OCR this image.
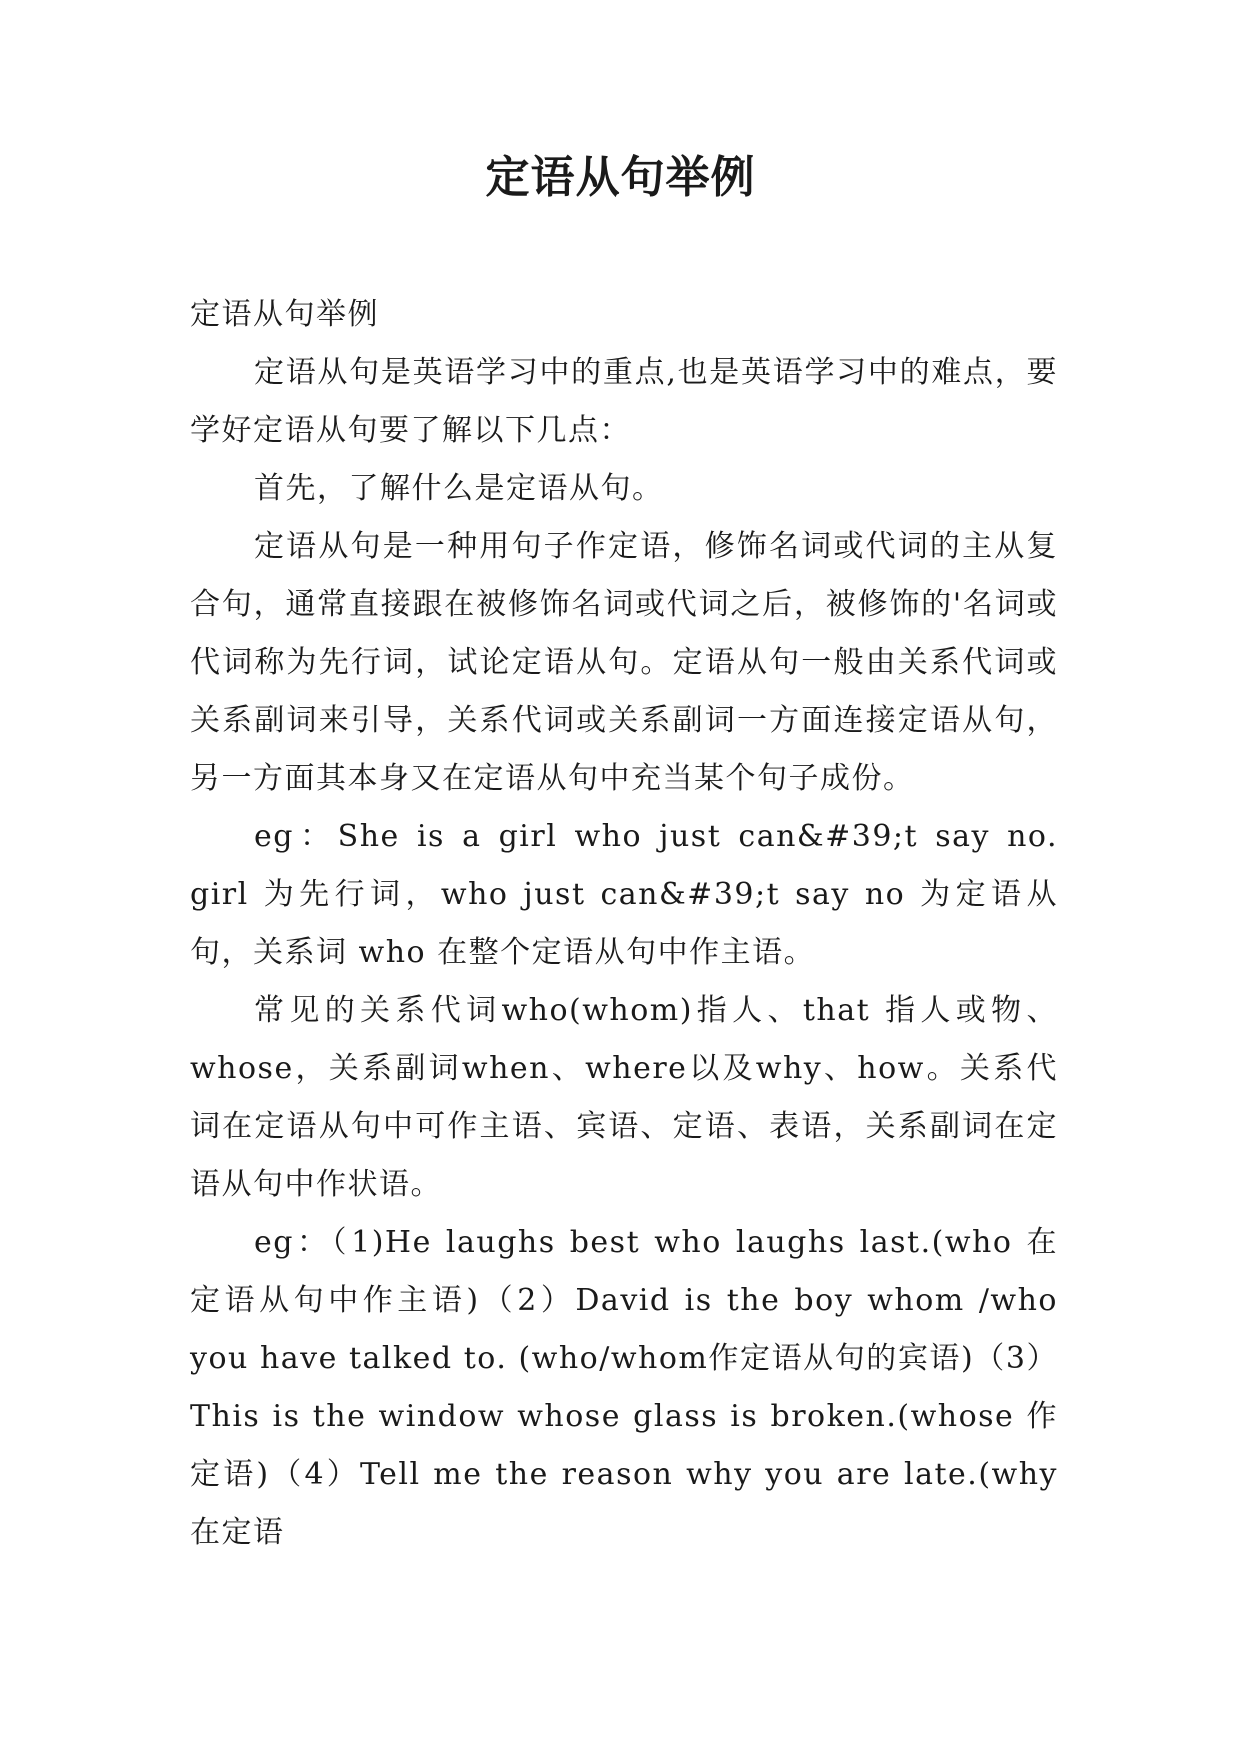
定语从句举例

定语从句举例

定语从句是英语学习中的重点,也是英语学习中的难点，要学好定语从句要了解以下几点：

首先，了解什么是定语从句。

定语从句是一种用句子作定语，修饰名词或代词的主从复合句，通常直接跟在被修饰名词或代词之后，被修饰的'名词或代词称为先行词，试论定语从句。定语从句一般由关系代词或关系副词来引导，关系代词或关系副词一方面连接定语从句，另一方面其本身又在定语从句中充当某个句子成份。

eg：She is a girl who just can&#39;t say no. girl 为先行词，who just can&#39;t say no 为定语从句，关系词 who 在整个定语从句中作主语。

常见的关系代词who(whom)指人、that 指人或物、whose，关系副词when、where以及why、how。关系代词在定语从句中可作主语、宾语、定语、表语，关系副词在定语从句中作状语。

eg：（1)He laughs best who laughs last.(who 在定语从句中作主语)（2）David is the boy whom /who you have talked to. (who/whom作定语从句的宾语)（3）This is the window whose glass is broken.(whose 作定语)（4）Tell me the reason why you are late.(why 在定语
